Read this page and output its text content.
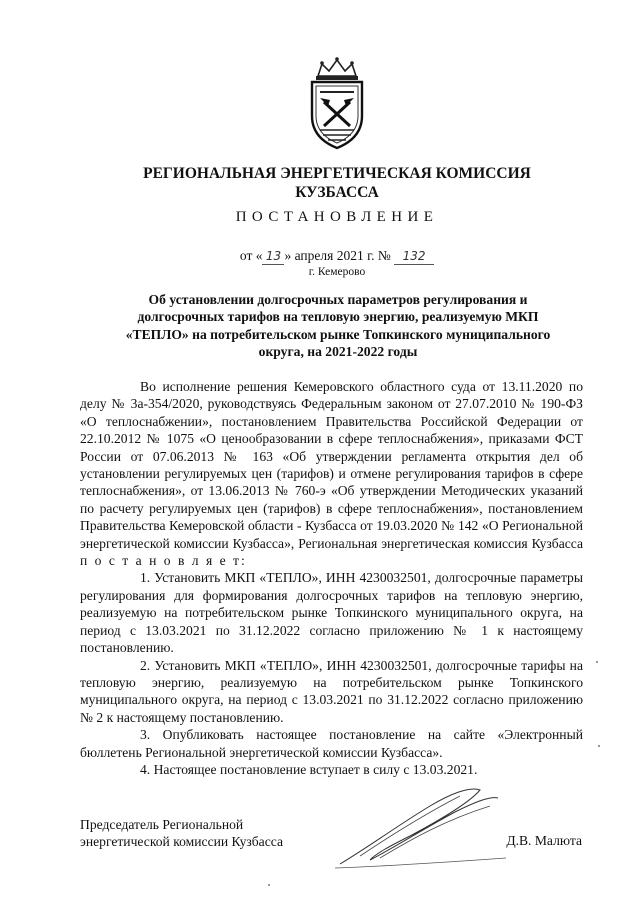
РЕГИОНАЛЬНАЯ ЭНЕРГЕТИЧЕСКАЯ КОМИССИЯ
КУЗБАССА
ПОСТАНОВЛЕНИЕ
от « 13 » апреля 2021 г. № 132
г. Кемерово
Об установлении долгосрочных параметров регулирования и долгосрочных тарифов на тепловую энергию, реализуемую МКП «ТЕПЛО» на потребительском рынке Топкинского муниципального округа, на 2021-2022 годы

Во исполнение решения Кемеровского областного суда от 13.11.2020 по делу № 3а-354/2020, руководствуясь Федеральным законом от 27.07.2010 № 190-ФЗ «О теплоснабжении», постановлением Правительства Российской Федерации от 22.10.2012 № 1075 «О ценообразовании в сфере теплоснабжения», приказами ФСТ России от 07.06.2013 № 163 «Об утверждении регламента открытия дел об установлении регулируемых цен (тарифов) и отмене регулирования тарифов в сфере теплоснабжения», от 13.06.2013 № 760-э «Об утверждении Методических указаний по расчету регулируемых цен (тарифов) в сфере теплоснабжения», постановлением Правительства Кемеровской области - Кузбасса от 19.03.2020 № 142 «О Региональной энергетической комиссии Кузбасса», Региональная энергетическая комиссия Кузбасса п о с т а н о в л я е т:

1. Установить МКП «ТЕПЛО», ИНН 4230032501, долгосрочные параметры регулирования для формирования долгосрочных тарифов на тепловую энергию, реализуемую на потребительском рынке Топкинского муниципального округа, на период с 13.03.2021 по 31.12.2022 согласно приложению № 1 к настоящему постановлению.

2. Установить МКП «ТЕПЛО», ИНН 4230032501, долгосрочные тарифы на тепловую энергию, реализуемую на потребительском рынке Топкинского муниципального округа, на период с 13.03.2021 по 31.12.2022 согласно приложению № 2 к настоящему постановлению.

3. Опубликовать настоящее постановление на сайте «Электронный бюллетень Региональной энергетической комиссии Кузбасса».

4. Настоящее постановление вступает в силу с 13.03.2021.

Председатель Региональной
энергетической комиссии Кузбасса	Д.В. Малюта
